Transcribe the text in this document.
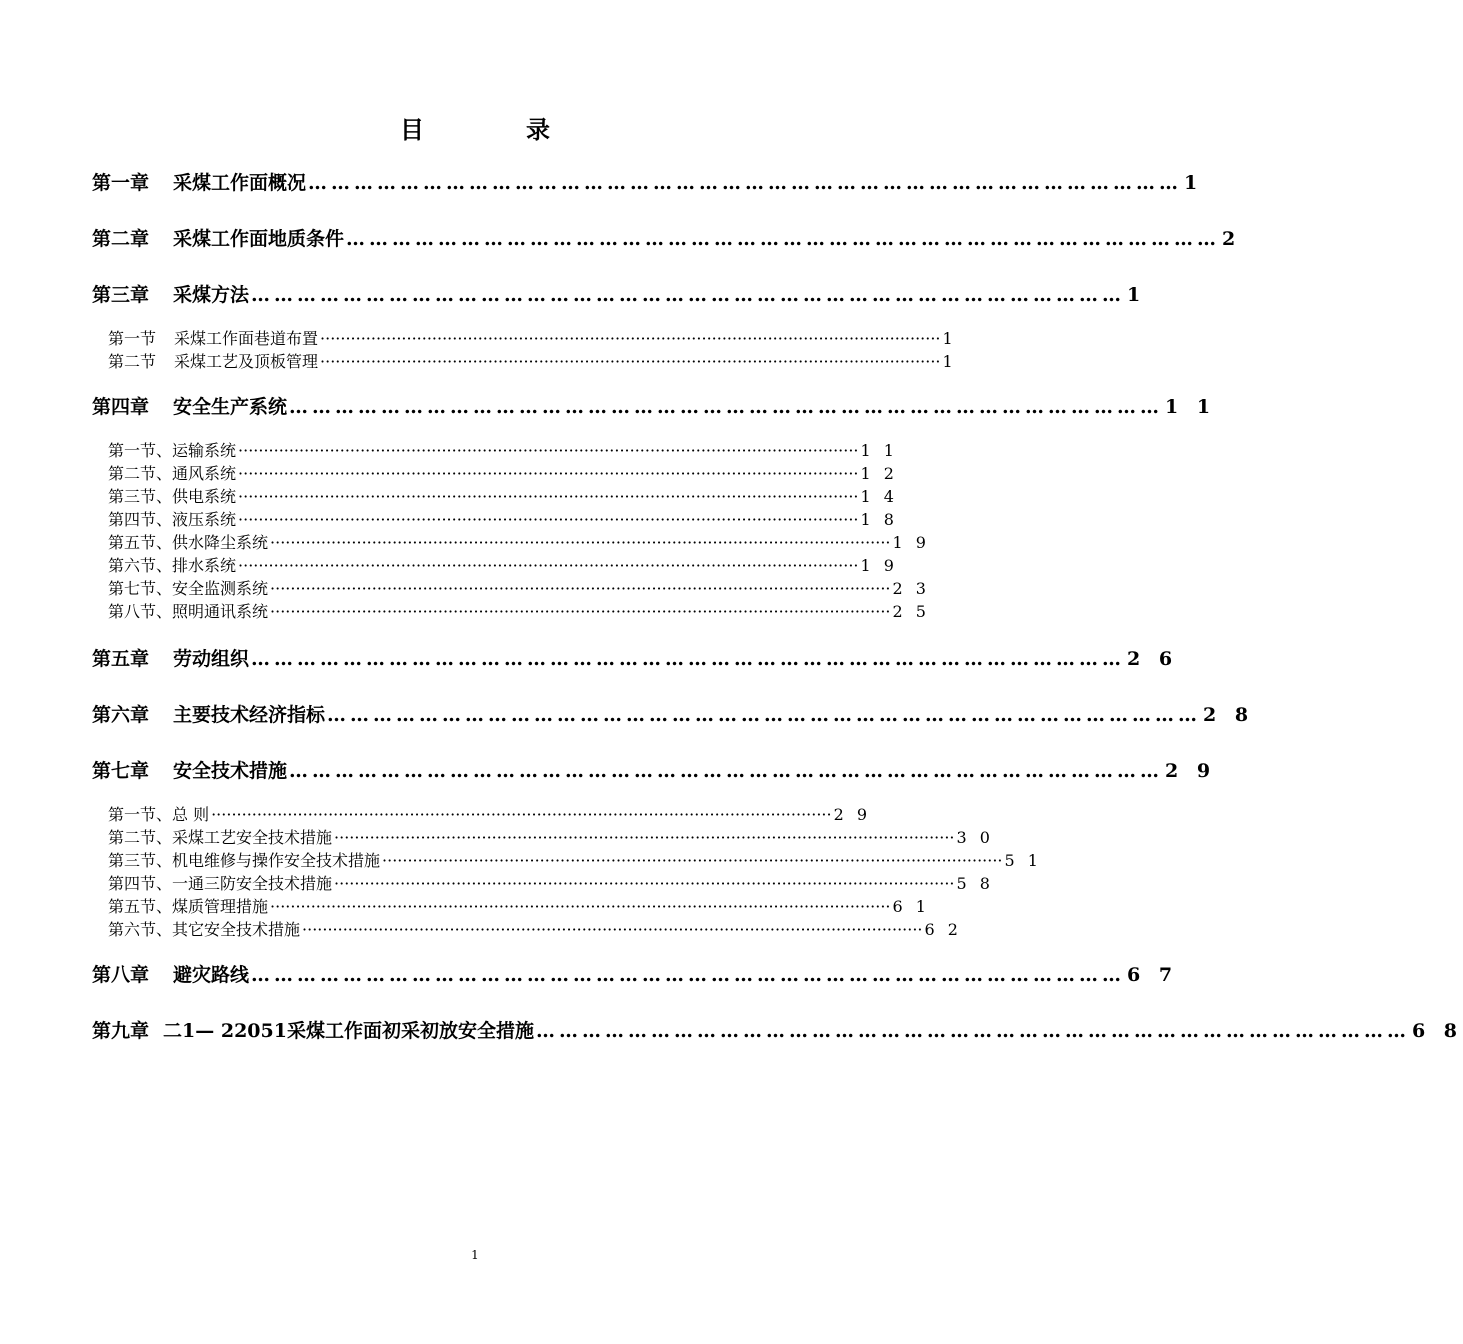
目	录
第一章 采煤工作面概况 …………………………………………………………………………………………………… 1
第二章 采煤工作面地质条件 …………………………………………………………………………………………………… 2
第三章 采煤方法 …………………………………………………………………………………………………… 1
第一节 采煤工作面巷道布置 ·························································································································· 1
第二节 采煤工艺及顶板管理 ·························································································································· 1
第四章 安全生产系统 …………………………………………………………………………………………………… 1 1
第一节、运输系统 ·························································································································· 1 1
第二节、通风系统 ·························································································································· 1 2
第三节、供电系统 ·························································································································· 1 4
第四节、液压系统 ·························································································································· 1 8
第五节、供水降尘系统 ·························································································································· 1 9
第六节、排水系统 ·························································································································· 1 9
第七节、安全监测系统 ·························································································································· 2 3
第八节、照明通讯系统 ·························································································································· 2 5
第五章 劳动组织 …………………………………………………………………………………………………… 2 6
第六章 主要技术经济指标 …………………………………………………………………………………………………… 2 8
第七章 安全技术措施 …………………………………………………………………………………………………… 2 9
第一节、总 则 ·························································································································· 2 9
第二节、采煤工艺安全技术措施 ·························································································································· 3 0
第三节、机电维修与操作安全技术措施 ·························································································································· 5 1
第四节、一通三防安全技术措施 ·························································································································· 5 8
第五节、煤质管理措施 ·························································································································· 6 1
第六节、其它安全技术措施 ·························································································································· 6 2
第八章 避灾路线 …………………………………………………………………………………………………… 6 7
第九章 二1— 22051采煤工作面初采初放安全措施 …………………………………………………………………………………………………… 6 8
1
